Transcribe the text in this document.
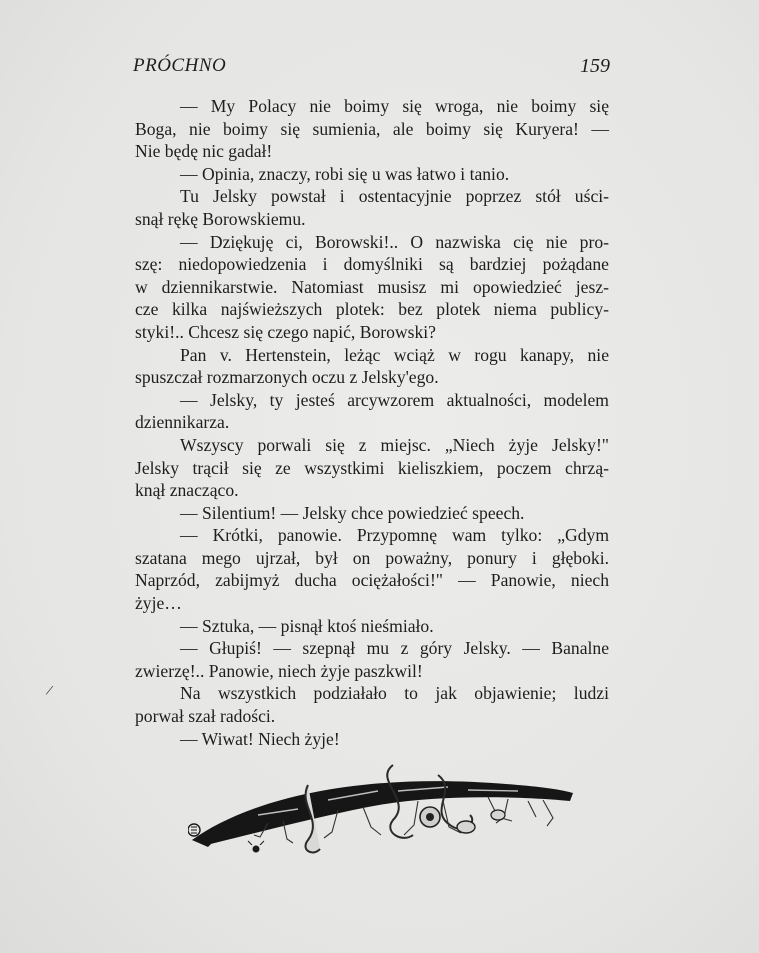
PRÓCHNO	159
— My Polacy nie boimy się wroga, nie boimy się
Boga, nie boimy się sumienia, ale boimy się Kuryera! —
Nie będę nic gadał!
— Opinia, znaczy, robi się u was łatwo i tanio.
Tu Jelsky powstał i ostentacyjnie poprzez stół uści-
snął rękę Borowskiemu.
— Dziękuję ci, Borowski!.. O nazwiska cię nie pro-
szę: niedopowiedzenia i domyślniki są bardziej pożądane
w dziennikarstwie. Natomiast musisz mi opowiedzieć jesz-
cze kilka najświeższych plotek: bez plotek niema publicy-
styki!.. Chcesz się czego napić, Borowski?
Pan v. Hertenstein, leżąc wciąż w rogu kanapy, nie
spuszczał rozmarzonych oczu z Jelsky'ego.
— Jelsky, ty jesteś arcywzorem aktualności, modelem
dziennikarza.
Wszyscy porwali się z miejsc. „Niech żyje Jelsky!"
Jelsky trącił się ze wszystkimi kieliszkiem, poczem chrzą-
knął znacząco.
— Silentium! — Jelsky chce powiedzieć speech.
— Krótki, panowie. Przypomnę wam tylko: „Gdym
szatana mego ujrzał, był on poważny, ponury i głęboki.
Naprzód, zabijmyż ducha ociężałości!" — Panowie, niech
żyje…
— Sztuka, — pisnął ktoś nieśmiało.
— Głupiś! — szepnął mu z góry Jelsky. — Banalne
zwierzę!.. Panowie, niech żyje paszkwil!
Na wszystkich podziałało to jak objawienie; ludzi
porwał szał radości.
— Wiwat! Niech żyje!
/
